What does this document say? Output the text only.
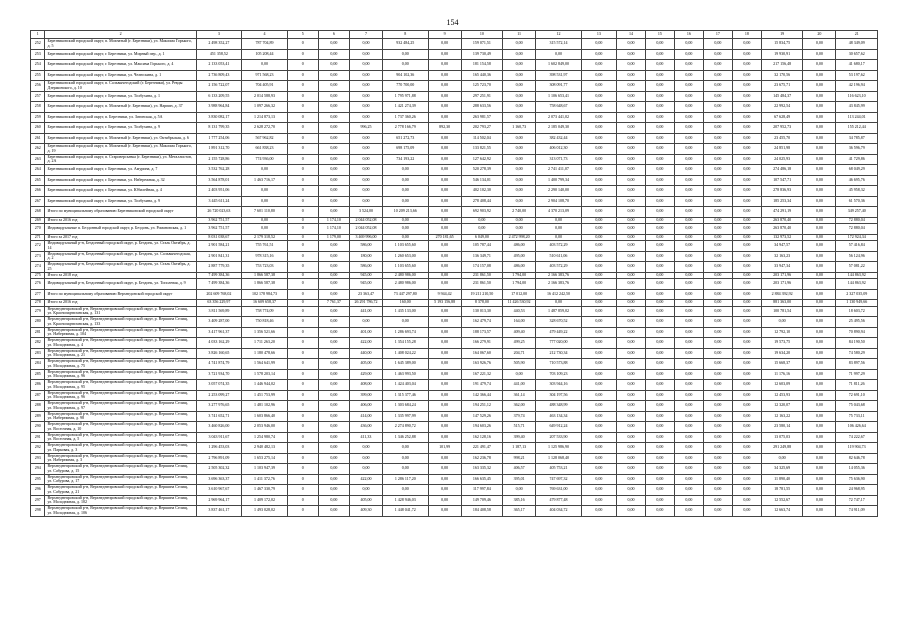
154
1	2	3	4	5	6	7	8	9	10	11	12	13	14	15	16	17	18	19	20	21
252	Березниковский городской округ, п. Мохнатый (г. Березники), ул. Максима Горького, д. 5	2 498 352,27	787 704,89	0	0,00	0,00	932 484,25	0,00	159 071,51	0,00	315 572,14	0,00	0,00	0,00	0,00	0,00	0,00	15 834,75	0,00	48 349,09
253	Березниковский городской округ, г. Березники, ул. Мирный пер., д. 1	451 358,52	105 208,44	0	0,00	0,00	0,00	0,00	139 730,49	0,00	0,00	0,00	0,00	0,00	0,00	0,00	0,00	19 930,91	0,00	30 657,62
254	Березниковский городской округ, г. Березники, ул. Максима Горького, д. 4	2 133 053,41	0,00	0	0,00	0,00	0,00	0,00	181 154,58	0,00	1 602 849,00	0,00	0,00	0,00	0,00	0,00	0,00	217 156,48	0,00	41 680,17
255	Березниковский городской округ, г. Березники, ул. Челюскина, д. 1	2 736 809,43	971 568,23	0	0,00	0,00	904 102,36	0,00	165 440,36	0,00	398 531,97	0,00	0,00	0,00	0,00	0,00	0,00	32 170,56	0,00	53 197,62
256	Березниковский городской округ, п. Сольвычегодский (г. Березники), ул. Ревды Дзержинского, д. 10	2 156 722,07	704 405,91	0	0,00	0,00	770 700,00	0,00	125 723,70	0,00	308 091,77	0,00	0,00	0,00	0,00	0,00	0,00	23 675,71	0,00	42 196,94
257	Березниковский городской округ, г. Березники, ул. Толбухина, д. 1	6 133 209,55	2 014 588,93	0	0,00	0,00	1 795 971,88	0,00	297 251,91	0,00	1 106 653,41	0,00	0,00	0,00	0,00	0,00	0,00	145 484,37	0,00	116 623,10
258	Березниковский городской округ, п. Мохнатый (г. Березники), ул. Нарпин, д. 37	3 988 964,84	1 097 266,32	0	0,00	0,00	1 421 274,39	0,00	288 633,56	0,00	758 648,67	0,00	0,00	0,00	0,00	0,00	0,00	22 992,54	0,00	43 845,99
259	Березниковский городской округ, п. Березники, ул. Затонская, д. 5А	3 830 082,17	1 214 873,13	0	0,00	0,00	1 737 360,26	0,00	263 981,57	0,00	2 073 441,02	0,00	0,00	0,00	0,00	0,00	0,00	67 628,49	0,00	113 244,01
260	Березниковский городской округ, г. Березники, ул. Толбухина, д. 9	8 131 799,35	2 628 272,70	0	0,00	996,25	2 778 166,79	892,30	202 793,27	1 160,73	2 185 049,30	0,00	0,00	0,00	0,00	0,00	0,00	207 952,73	0,00	155 212,44
261	Березниковский городской округ, п. Мохнатый (г. Березники), ул. Октябрьская, д. 6	1 777 254,06	567 962,82	0	0,00	0,00	651 272,73	0,00	114 502,04	0,00	382 432,44	0,00	0,00	0,00	0,00	0,00	0,00	23 455,70	0,00	34 785,87
262	Березниковский городской округ, п. Мохнатый (г. Березники), ул. Максима Горького, д. 19	1 891 312,70	661 838,23	0	0,00	0,00	698 175,09	0,00	133 821,55	0,00	406 012,30	0,00	0,00	0,00	0,00	0,00	0,00	24 851,98	0,00	36 596,79
263	Березниковский городской округ, п. Староверсьевка (г. Березники), ул. Металлистов, д. 2А	2 155 728,86	774 936,00	0	0,00	0,00	734 193,22	0,00	127 642,92	0,00	313 071,73	0,00	0,00	0,00	0,00	0,00	0,00	24 025,93	0,00	41 729,86
264	Березниковский городской округ, г. Березники, ул. Амурина, д. 7	3 532 762,28	0,00	0	0,00	0,00	0,00	0,00	520 278,39	0,00	2 741 411,07	0,00	0,00	0,00	0,00	0,00	0,00	274 486,18	0,00	68 049,29
265	Березниковский городской округ, г. Березники, ул. Набережная, д. 32	3 564 878,01	1 463 716,17	0	0,00	0,00	0,00	0,00	546 134,01	0,00	1 400 799,34	0,00	0,00	0,00	0,00	0,00	0,00	107 547,71	0,00	46 695,76
266	Березниковский городской округ, г. Березники, ул. Юбилейная, д. 4	2 403 951,06	0,00	0	0,00	0,00	0,00	0,00	402 102,30	0,00	2 290 140,00	0,00	0,00	0,00	0,00	0,00	0,00	278 836,93	0,00	45 958,32
267	Березниковский городской округ, г. Березники, ул. Толбухина, д. 9	3 445 611,24	0,00	0	0,00	0,00	0,00	0,00	278 408,44	0,00	2 904 108,70	0,00	0,00	0,00	0,00	0,00	0,00	185 253,34	0,00	61 570,36
268	Итого по муниципальному образованию Березниковский городской округ	26 720 023,63	7 601 110,80	0	0,00	3 524,00	10 209 213,66	0,00	692 903,92	2 740,00	4 370 213,09	0,00	0,00	0,00	0,00	0,00	0,00	474 291,19	0,00	349 257,40
269	Итого за 2016 год	3 962 751,57	0,00	0	1 174,10	2 044 052,08	0,00	0,00	0,00	0,00	0,00	0,00	0,00	0,00	0,00	0,00	0,00	263 870,40	0,00	72 880,04
270	Индивидуальные п. Бездонный городской округ, р. Бездонь, ул. Романовская, д. 1	3 962 751,57	0,00	0	1 174,10	2 044 052,08	0,00	0,00	0,00	0,00	0,00	0,00	0,00	0,00	0,00	0,00	0,00	263 870,40	0,00	72 880,04
271	Итого за 2017 год	8 031 038,67	2 179 318,52	0	1 179,00	3 469 996,00	0,00	270 181,65	6 049,00	2 472 998,20	0,00	0,00	0,00	0,00	0,00	0,00	0,00	132 973,52	0,00	172 924,34
272	Индивидуальный р-н, Бездонный городской округ, р. Бездонь, ул. Сталь Октябрь, д. 14	2 901 584,21	755 761,51	0	0,00	586,00	1 103 655,60	0,00	105 787,44	486,00	403 572,29	0,00	0,00	0,00	0,00	0,00	0,00	34 947,57	0,00	57 416,84
273	Индивидуальный р-н, Бездонный городской округ, р. Бездонь, ул. Сольвычегодская, д. 2	2 901 841,31	978 315,16	0	0,00	180,00	1 260 653,00	0,00	136 349,71	495,00	510 611,06	0,00	0,00	0,00	0,00	0,00	0,00	32 163,23	0,00	56 124,96
274	Индивидуальный р-н, Бездонный городской округ, р. Бездонь, ул. Сталь Октябрь, д. 25	2 887 779,35	753 723,03	0	0,00	586,00	1 103 655,60	0,00	174 157,08	486,00	403 572,29	0,00	0,00	0,00	0,00	0,00	0,00	33 947,34	0,00	57 081,22
275	Итого за 2018 год	7 499 384,36	1 866 587,38	0	0,00	945,00	2 480 986,00	0,00	231 861,50	1 794,00	2 166 383,76	0,00	0,00	0,00	0,00	0,00	0,00	203 171,96	0,00	144 863,92
276	Индивидуальный р-н, Бездонный городской округ, р. Бездонь, ул. Тополевая, д. 9	7 499 384,36	1 866 587,38	0	0,00	945,00	2 480 986,00	0,00	231 861,50	1 794,00	2 166 383,76	0,00	0,00	0,00	0,00	0,00	0,00	203 171,96	0,00	144 863,92
277	Итого по муниципальному образованию Верхнедонской городской округ	202 609 768,02	102 178 984,73	0	0,00	23 363,47	73 447 297,80	9 944,42	19 211 210,50	17 012,00	16 412 242,50	0,00	0,00	0,00	0,00	0,00	0,00	2 884 392,92	0,00	2 327 035,09
278	Итого за 2016 год	63 356 229,97	16 609 658,37	0	7 761,37	26 291 786,72	160,00	5 193 156,88	8 378,00	11 426 530,92	0,00	0,00	0,00	0,00	0,00	0,00	0,00	881 363,00	0,00	1 130 949,66
279	Верхнеднепровский р-н, Верхнеднепровский городской округ, р. Вершина Селищ, ул. Краснопартизанская, д. 131	3 811 569,89	758 774,09	0	0,00	441,00	1 435 133,00	0,00	130 013,30	440,53	1 487 859,02	0,00	0,00	0,00	0,00	0,00	0,00	100 781,54	0,00	18 603,72
280	Верхнеднепровский р-н, Верхнеднепровский городской округ, р. Вершина Селищ, ул. Краснопартизанская, д. 133	3 409 287,00	750 818,46	0	0,00	0,00	0,00	0,00	162 479,74	164,00	328 670,52	0,00	0,00	0,00	0,00	0,00	0,00	0,00	0,00	25 495,56
281	Верхнеднепровский р-н, Верхнеднепровский городской округ, р. Вершина Селищ, ул. Набережная, д. 104	3 417 961,37	1 356 521,66	0	0,00	401,00	1 286 693,74	0,00	188 173,57	409,40	479 449,22	0,00	0,00	0,00	0,00	0,00	0,00	12 792,10	0,00	70 890,94
282	Верхнеднепровский р-н, Верхнеднепровский городской округ, р. Вершина Селищ, ул. Молодежная, д. 4	4 033 162,29	1 711 263,20	0	0,00	422,00	1 354 155,28	0,00	166 279,91	499,25	777 020,00	0,00	0,00	0,00	0,00	0,00	0,00	19 573,75	0,00	84 190,50
283	Верхнеднепровский р-н, Верхнеднепровский городской округ, р. Вершина Селищ, ул. Молодежная, д. 21	3 826 160,65	1 180 478,66	0	0,00	440,00	1 408 024,22	0,00	164 067,60	204,71	212 730,34	0,00	0,00	0,00	0,00	0,00	0,00	19 634,20	0,00	74 580,29
284	Верхнеднепровский р-н, Верхнеднепровский городской округ, р. Вершина Селищ, ул. Молодежная, д. 75	4 741 874,79	1 564 641,99	0	0,00	405,00	1 645 389,00	0,00	163 926,76	505,90	710 573,88	0,00	0,00	0,00	0,00	0,00	0,00	15 668,37	0,00	83 897,56
285	Верхнеднепровский р-н, Верхнеднепровский городской округ, р. Вершина Селищ, ул. Молодежная, д. 96	3 721 934,70	1 578 203,14	0	0,00	429,00	1 463 993,50	0,00	167 221,32	0,00	703 109,23	0,00	0,00	0,00	0,00	0,00	0,00	11 176,16	0,00	71 997,29
286	Верхнеднепровский р-н, Верхнеднепровский городской округ, р. Вершина Селищ, ул. Молодежная, д. 95	3 057 074,35	1 446 944,02	0	0,00	408,00	1 424 403,04	0,00	191 479,74	441,00	303 944,16	0,00	0,00	0,00	0,00	0,00	0,00	12 603,09	0,00	71 811,26
287	Верхнеднепровский р-н, Верхнеднепровский городской округ, р. Вершина Селищ, ул. Молодежная, д. 96	2 253 099,27	1 451 753,99	0	0,00	399,00	1 315 377,46	0,00	142 366,44	361,14	304 197,56	0,00	0,00	0,00	0,00	0,00	0,00	12 453,93	0,00	72 691,10
288	Верхнеднепровский р-н, Верхнеднепровский городской округ, р. Вершина Селищ, ул. Молодежная, д. 97	3 277 976,65	1 481 102,96	0	0,00	406,00	1 303 684,24	0,00	194 251,12	362,00	488 348,99	0,00	0,00	0,00	0,00	0,00	0,00	12 320,07	0,00	75 043,68
289	Верхнеднепровский р-н, Верхнеднепровский городской округ, р. Вершина Селищ, ул. Набережная, д. 98	3 741 652,71	1 603 866,40	0	0,00	414,00	1 335 997,99	0,00	147 529,26	379,74	463 134,34	0,00	0,00	0,00	0,00	0,00	0,00	12 163,22	0,00	75 733,11
290	Верхнеднепровский р-н, Верхнеднепровский городской округ, р. Вершина Селищ, ул. Восточная, д. 10	3 460 826,00	2 053 946,00	0	0,00	436,00	2 274 890,72	0,00	194 603,26	515,71	649 912,24	0,00	0,00	0,00	0,00	0,00	0,00	23 580,14	0,00	106 426,64
291	Верхнеднепровский р-н, Верхнеднепровский городской округ, р. Вершина Селищ, ул. Восточная, д. 5	3 043 911,67	1 254 980,74	0	0,00	411,33	1 346 252,88	0,00	162 128,16	399,40	207 533,90	0,00	0,00	0,00	0,00	0,00	0,00	13 075,03	0,00	74 222,67
292	Верхнеднепровский р-н, Верхнеднепровский городской округ, р. Вершина Селищ, ул. Парковая, д. 3	1 296 453,03	2 940 482,13	0	0,00	0,00	0,00	101,99	221 491,47	1 187,13	1 125 986,90	0,00	0,00	0,00	0,00	0,00	0,00	291 249,88	0,00	119 904,73
293	Верхнеднепровский р-н, Верхнеднепровский городской округ, р. Вершина Селищ, ул. Набережная, д. 3	2 796 891,09	1 653 275,14	0	0,00	0,00	0,00	0,00	162 236,78	998,21	1 128 068,40	0,00	0,00	0,00	0,00	0,00	0,00	0,00	0,00	82 646,78
294	Верхнеднепровский р-н, Верхнеднепровский городской округ, р. Вершина Селищ, ул. Сабурова, д. 15	2 505 302,32	1 103 947,39	0	0,00	0,00	0,00	0,00	163 335,32	406,57	405 753,21	0,00	0,00	0,00	0,00	0,00	0,00	34 325,69	0,00	14 055,36
295	Верхнеднепровский р-н, Верхнеднепровский городской округ, р. Вершина Селищ, ул. Сабурова, д. 17	3 696 363,37	1 411 372,76	0	0,00	422,00	1 286 117,20	0,00	166 635,45	395,01	747 697,32	0,00	0,00	0,00	0,00	0,00	0,00	11 890,40	0,00	75 636,90
296	Верхнеднепровский р-н, Верхнеднепровский городской округ, р. Вершина Селищ, ул. Сабурова, д. 21	3 610 967,67	1 467 330,79	0	0,00	0,00	0,00	0,00	117 997,84	0,00	769 631,00	0,00	0,00	0,00	0,00	0,00	0,00	18 781,55	0,00	24 968,95
297	Верхнеднепровский р-н, Верхнеднепровский городской округ, р. Вершина Селищ, ул. Молодежная, д. 102	2 969 964,17	1 409 172,02	0	0,00	405,00	1 428 946,03	0,00	149 709,46	385,16	479 877,48	0,00	0,00	0,00	0,00	0,00	0,00	12 552,67	0,00	72 747,17
298	Верхнеднепровский р-н, Верхнеднепровский городской округ, р. Вершина Селищ, ул. Молодежная, д. 106	3 837 461,17	1 493 028,02	0	0,00	409,30	1 448 041,72	0,00	184 408,58	365,17	404 034,72	0,00	0,00	0,00	0,00	0,00	0,00	12 663,74	0,00	74 911,09
